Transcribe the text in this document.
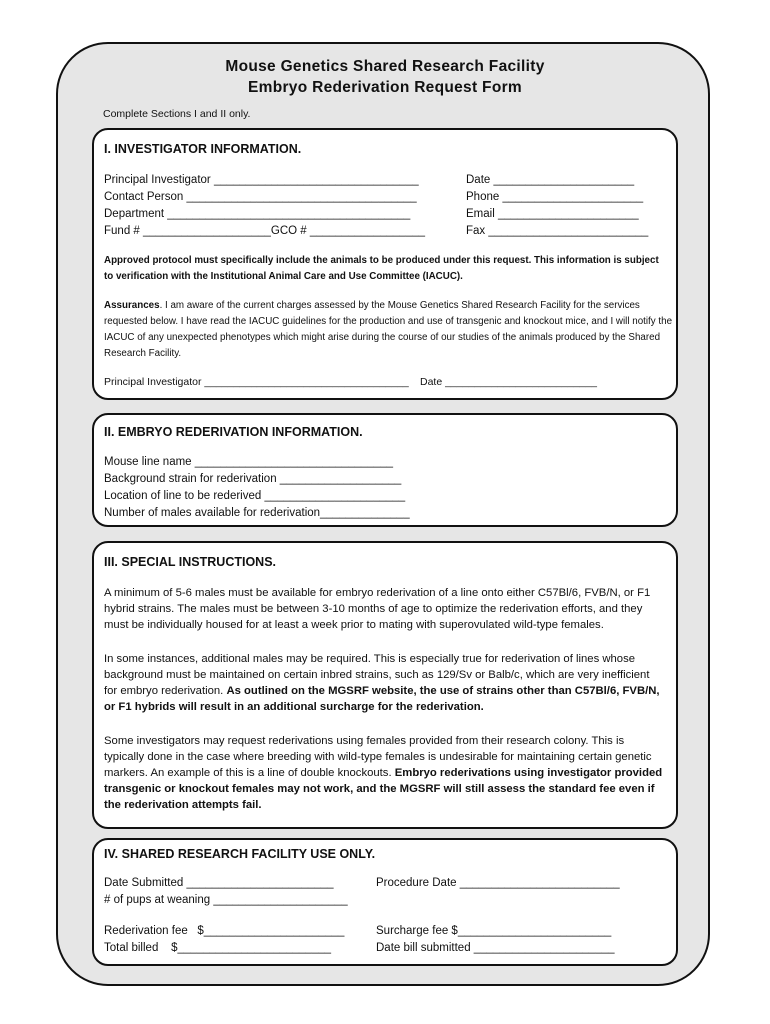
Mouse Genetics Shared Research Facility
Embryo Rederivation Request Form
Complete Sections I and II only.
I. INVESTIGATOR INFORMATION.
Principal Investigator ________________________________
Contact Person ____________________________________
Department ______________________________________
Fund # ____________________GCO # __________________
Date ______________________
Phone ______________________
Email ______________________
Fax _________________________
Approved protocol must specifically include the animals to be produced under this request. This information is subject to verification with the Institutional Animal Care and Use Committee (IACUC).
Assurances. I am aware of the current charges assessed by the Mouse Genetics Shared Research Facility for the services requested below. I have read the IACUC guidelines for the production and use of transgenic and knockout mice, and I will notify the IACUC of any unexpected phenotypes which might arise during the course of our studies of the animals produced by the Shared Research Facility.
Principal Investigator ___________________________________ Date __________________________
II. EMBRYO REDERIVATION INFORMATION.
Mouse line name _______________________________
Background strain for rederivation ___________________
Location of line to be rederived ______________________
Number of males available for rederivation______________
III. SPECIAL INSTRUCTIONS.
A minimum of 5-6 males must be available for embryo rederivation of a line onto either C57Bl/6, FVB/N, or F1 hybrid strains. The males must be between 3-10 months of age to optimize the rederivation efforts, and they must be individually housed for at least a week prior to mating with superovulated wild-type females.
In some instances, additional males may be required. This is especially true for rederivation of lines whose background must be maintained on certain inbred strains, such as 129/Sv or Balb/c, which are very inefficient for embryo rederivation. As outlined on the MGSRF website, the use of strains other than C57Bl/6, FVB/N, or F1 hybrids will result in an additional surcharge for the rederivation.
Some investigators may request rederivations using females provided from their research colony. This is typically done in the case where breeding with wild-type females is undesirable for maintaining certain genetic markers. An example of this is a line of double knockouts. Embryo rederivations using investigator provided transgenic or knockout females may not work, and the MGSRF will still assess the standard fee even if the rederivation attempts fail.
IV. SHARED RESEARCH FACILITY USE ONLY.
Date Submitted _______________________
# of pups at weaning _____________________
Procedure Date _________________________
Rederivation fee   $______________________
Total billed    $________________________
Surcharge fee $________________________
Date bill submitted ______________________
